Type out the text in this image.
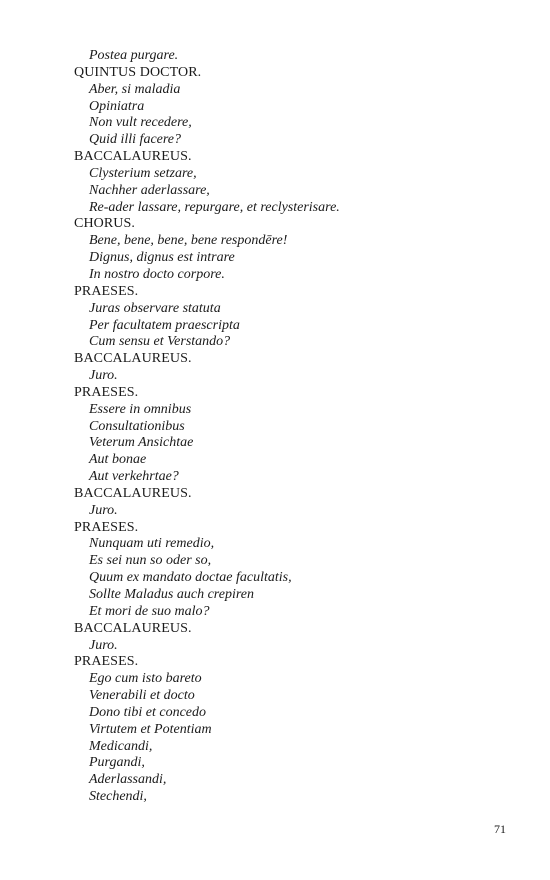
Postea purgare.
QUINTUS DOCTOR.
Aber, si maladia
Opiniatra
Non vult recedere,
Quid illi facere?
BACCALAUREUS.
Clysterium setzare,
Nachher aderlassare,
Re-ader lassare, repurgare, et reclysterisare.
CHORUS.
Bene, bene, bene, bene respondēre!
Dignus, dignus est intrare
In nostro docto corpore.
PRAESES.
Juras observare statuta
Per facultatem praescripta
Cum sensu et Verstando?
BACCALAUREUS.
Juro.
PRAESES.
Essere in omnibus
Consultationibus
Veterum Ansichtae
Aut bonae
Aut verkehrtae?
BACCALAUREUS.
Juro.
PRAESES.
Nunquam uti remedio,
Es sei nun so oder so,
Quum ex mandato doctae facultatis,
Sollte Maladus auch crepiren
Et mori de suo malo?
BACCALAUREUS.
Juro.
PRAESES.
Ego cum isto bareto
Venerabili et docto
Dono tibi et concedo
Virtutem et Potentiam
Medicandi,
Purgandi,
Aderlassandi,
Stechendi,
71
